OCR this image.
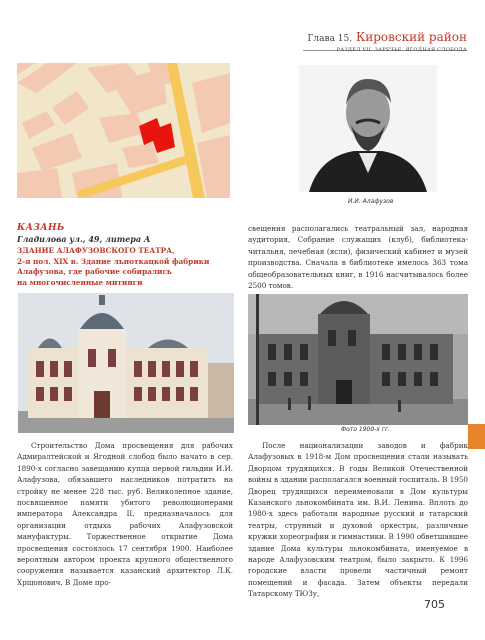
Глава 15. Кировский район
РАЗДЕЛ VII. ЗАРЕЧЬЕ. ЯГОДНАЯ СЛОБОДА
И.И. Алафузов
КАЗАНЬ
Гладилова ул., 49, литера А
ЗДАНИЕ АЛАФУЗОВСКОГО ТЕАТРА,
2-я пол. XIX в. Здание льноткацкой фабрики
Алафузова, где рабочие собирались
на многочисленные митинги
свещения располагались театральный зал, народная аудитория, Собрание служащих (клуб), библиотека-читальня, лечебная (ясли), физический кабинет и музей производства. Сначала в библиотеке имелось 363 тома общеобразовательных книг, в 1916 насчитывалось более 2500 томов.
Фото 1900-х гг.
Строительство Дома просвещения для рабочих Адмиралтейской и Ягодной слобод было начато в сер. 1890-х согласно завещанию купца первой гильдии И.И. Алафузова, обязавшего наследников потратить на стройку не менее 228 тыс. руб. Великолепное здание, посвященное памяти убитого революционерами императора Александра II, предназначалось для организации отдыха рабочих Алафузовской мануфактуры. Торжественное открытие Дома просвещения состоялось 17 сентября 1900. Наиболее вероятным автором проекта крупного общественного сооружения называется казанский архитектор Л.К. Хрщонович. В Доме про-
После национализации заводов и фабрик Алафузовых в 1918-м Дом просвещения стали называть Дворцом трудящихся. В годы Великой Отечественной войны в здании располагался военный госпиталь. В 1950 Дворец трудящихся переименовали в Дом культуры Казанского льнокомбината им. В.И. Ленина. Вплоть до 1980-х здесь работали народные русский и татарский театры, струнный и духовой оркестры, различные кружки хореографии и гимнастики. В 1990 обветшавшее здание Дома культуры льнокомбината, именуемое в народе Алафузовским театром, было закрыто. К 1996 городские власти провели частичный ремонт помещений и фасада. Затем объекты передали Татарскому ТЮЗу,
705
